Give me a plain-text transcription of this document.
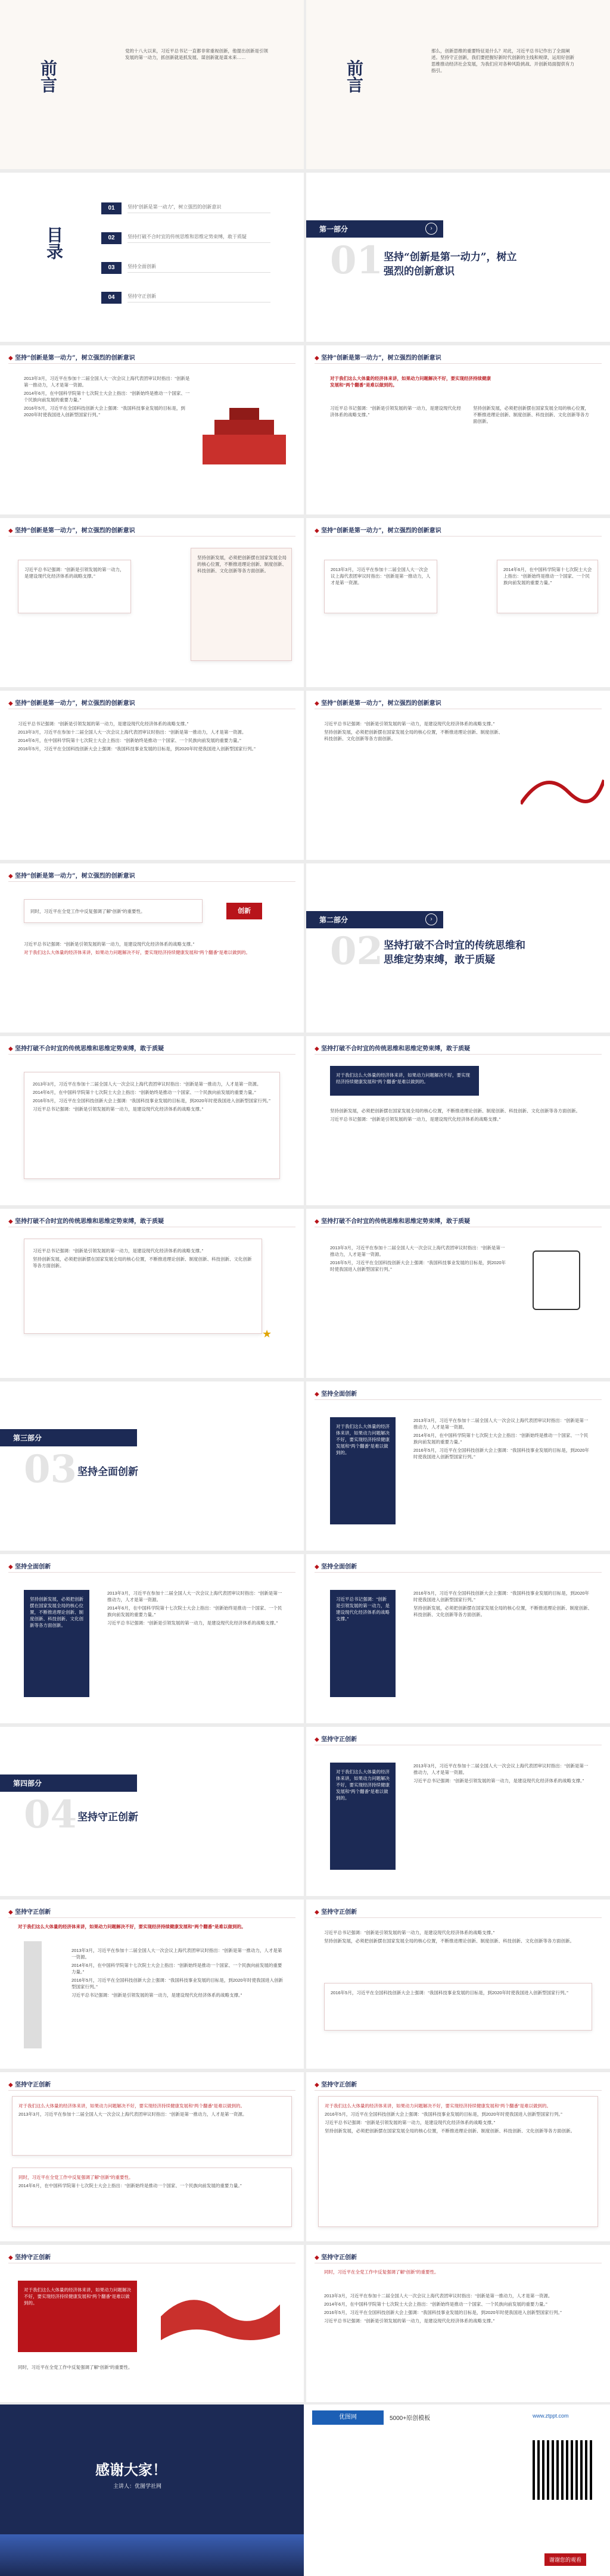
前言
党的十八大以来，习近平总书记一直都非常重视创新，他提出创新是引领发展的第一动力，抓创新就是抓发展、谋创新就是谋未来……
前言
那么，创新思维的重要特征是什么？对此，习近平总书记作出了全面阐述。坚持守正创新，我们要把握好新时代创新的主线和规律，运用好创新思维推动经济社会发展，为我们应对各种风险挑战、开创新局面提供有力指引。
目录
01	坚持“创新是第一动力”，树立强烈的创新意识
02	坚持打破不合时宜的传统思维和思维定势束缚，敢于质疑
03	坚持全面创新
04	坚持守正创新
第一部分	›
01 坚持“创新是第一动力”，树立强烈的创新意识
◆ 坚持“创新是第一动力”，树立强烈的创新意识

2013年3月，习近平在参加十二届全国人大一次会议上海代表团审议时指出：“创新是第一推动力，人才是第一资源。

2014年6月，在中国科学院第十七次院士大会上指出：“创新始终是推动一个国家、一个民族向前发展的重要力量。”

2016年5月，习近平在全国科技创新大会上强调：“我国科技事业发展的目标是，到2020年时使我国进入创新型国家行列。”

◆ 坚持“创新是第一动力”，树立强烈的创新意识
对于我们这么大体量的经济体来讲，如果动力问题解决不好，要实现经济持续健康发展和“两个翻番”是难以做到的。
习近平总书记强调：“创新是引领发展的第一动力，是建设现代化经济体系的战略支撑。”
坚持创新发展，必须把创新摆在国家发展全局的核心位置，不断推进理论创新、制度创新、科技创新、文化创新等各方面创新。
◆ 坚持“创新是第一动力”，树立强烈的创新意识
习近平总书记强调：“创新是引领发展的第一动力，是建设现代化经济体系的战略支撑。”
坚持创新发展，必须把创新摆在国家发展全局的核心位置，不断推进理论创新、制度创新、科技创新、文化创新等各方面创新。
◆ 坚持“创新是第一动力”，树立强烈的创新意识
2013年3月，习近平在参加十二届全国人大一次会议上海代表团审议时指出：“创新是第一推动力，人才是第一资源。
2014年6月，在中国科学院第十七次院士大会上指出：“创新始终是推动一个国家、一个民族向前发展的重要力量。”
◆ 坚持“创新是第一动力”，树立强烈的创新意识

习近平总书记强调：“创新是引领发展的第一动力，是建设现代化经济体系的战略支撑。”

2013年3月，习近平在参加十二届全国人大一次会议上海代表团审议时指出：“创新是第一推动力，人才是第一资源。

2014年6月，在中国科学院第十七次院士大会上指出：“创新始终是推动一个国家、一个民族向前发展的重要力量。”

2016年5月，习近平在全国科技创新大会上强调：“我国科技事业发展的目标是，到2020年时使我国进入创新型国家行列。”

◆ 坚持“创新是第一动力”，树立强烈的创新意识

习近平总书记强调：“创新是引领发展的第一动力，是建设现代化经济体系的战略支撑。”

坚持创新发展，必须把创新摆在国家发展全局的核心位置，不断推进理论创新、制度创新、科技创新、文化创新等各方面创新。

◆ 坚持“创新是第一动力”，树立强烈的创新意识
同时，习近平在全党工作中反复强调了解“创新”的重要性。	创新

习近平总书记强调：“创新是引领发展的第一动力，是建设现代化经济体系的战略支撑。”

对于我们这么大体量的经济体来讲，如果动力问题解决不好，要实现经济持续健康发展和“两个翻番”是难以做到的。

第二部分	›
02 坚持打破不合时宜的传统思维和思维定势束缚，敢于质疑
◆ 坚持打破不合时宜的传统思维和思维定势束缚，敢于质疑

2013年3月，习近平在参加十二届全国人大一次会议上海代表团审议时指出：“创新是第一推动力，人才是第一资源。

2014年6月，在中国科学院第十七次院士大会上指出：“创新始终是推动一个国家、一个民族向前发展的重要力量。”

2016年5月，习近平在全国科技创新大会上强调：“我国科技事业发展的目标是，到2020年时使我国进入创新型国家行列。”

习近平总书记强调：“创新是引领发展的第一动力，是建设现代化经济体系的战略支撑。”

◆ 坚持打破不合时宜的传统思维和思维定势束缚，敢于质疑
对于我们这么大体量的经济体来讲，如果动力问题解决不好，要实现经济持续健康发展和“两个翻番”是难以做到的。

坚持创新发展，必须把创新摆在国家发展全局的核心位置，不断推进理论创新、制度创新、科技创新、文化创新等各方面创新。

习近平总书记强调：“创新是引领发展的第一动力，是建设现代化经济体系的战略支撑。”

◆ 坚持打破不合时宜的传统思维和思维定势束缚，敢于质疑

习近平总书记强调：“创新是引领发展的第一动力，是建设现代化经济体系的战略支撑。”

坚持创新发展，必须把创新摆在国家发展全局的核心位置，不断推进理论创新、制度创新、科技创新、文化创新等各方面创新。

★
◆ 坚持打破不合时宜的传统思维和思维定势束缚，敢于质疑

2013年3月，习近平在参加十二届全国人大一次会议上海代表团审议时指出：“创新是第一推动力，人才是第一资源。

2016年5月，习近平在全国科技创新大会上强调：“我国科技事业发展的目标是，到2020年时使我国进入创新型国家行列。”

第三部分
03 坚持全面创新
◆ 坚持全面创新
对于我们这么大体量的经济体来讲，如果动力问题解决不好，要实现经济持续健康发展和“两个翻番”是难以做到的。

2013年3月，习近平在参加十二届全国人大一次会议上海代表团审议时指出：“创新是第一推动力，人才是第一资源。

2014年6月，在中国科学院第十七次院士大会上指出：“创新始终是推动一个国家、一个民族向前发展的重要力量。”

2016年5月，习近平在全国科技创新大会上强调：“我国科技事业发展的目标是，到2020年时使我国进入创新型国家行列。”

◆ 坚持全面创新
坚持创新发展，必须把创新摆在国家发展全局的核心位置，不断推进理论创新、制度创新、科技创新、文化创新等各方面创新。

2013年3月，习近平在参加十二届全国人大一次会议上海代表团审议时指出：“创新是第一推动力，人才是第一资源。

2014年6月，在中国科学院第十七次院士大会上指出：“创新始终是推动一个国家、一个民族向前发展的重要力量。”

习近平总书记强调：“创新是引领发展的第一动力，是建设现代化经济体系的战略支撑。”

◆ 坚持全面创新
习近平总书记强调：“创新是引领发展的第一动力，是建设现代化经济体系的战略支撑。”

2016年5月，习近平在全国科技创新大会上强调：“我国科技事业发展的目标是，到2020年时使我国进入创新型国家行列。”

坚持创新发展，必须把创新摆在国家发展全局的核心位置，不断推进理论创新、制度创新、科技创新、文化创新等各方面创新。

第四部分
04 坚持守正创新
◆ 坚持守正创新
对于我们这么大体量的经济体来讲，如果动力问题解决不好，要实现经济持续健康发展和“两个翻番”是难以做到的。

2013年3月，习近平在参加十二届全国人大一次会议上海代表团审议时指出：“创新是第一推动力，人才是第一资源。

习近平总书记强调：“创新是引领发展的第一动力，是建设现代化经济体系的战略支撑。”

◆ 坚持守正创新
对于我们这么大体量的经济体来讲，如果动力问题解决不好，要实现经济持续健康发展和“两个翻番”是难以做到的。

2013年3月，习近平在参加十二届全国人大一次会议上海代表团审议时指出：“创新是第一推动力，人才是第一资源。

2014年6月，在中国科学院第十七次院士大会上指出：“创新始终是推动一个国家、一个民族向前发展的重要力量。”

2016年5月，习近平在全国科技创新大会上强调：“我国科技事业发展的目标是，到2020年时使我国进入创新型国家行列。”

习近平总书记强调：“创新是引领发展的第一动力，是建设现代化经济体系的战略支撑。”

◆ 坚持守正创新

习近平总书记强调：“创新是引领发展的第一动力，是建设现代化经济体系的战略支撑。”

坚持创新发展，必须把创新摆在国家发展全局的核心位置，不断推进理论创新、制度创新、科技创新、文化创新等各方面创新。

2016年5月，习近平在全国科技创新大会上强调：“我国科技事业发展的目标是，到2020年时使我国进入创新型国家行列。”
◆ 坚持守正创新

对于我们这么大体量的经济体来讲，如果动力问题解决不好，要实现经济持续健康发展和“两个翻番”是难以做到的。

2013年3月，习近平在参加十二届全国人大一次会议上海代表团审议时指出：“创新是第一推动力，人才是第一资源。

同时，习近平在全党工作中反复强调了解“创新”的重要性。

2014年6月，在中国科学院第十七次院士大会上指出：“创新始终是推动一个国家、一个民族向前发展的重要力量。”

◆ 坚持守正创新

对于我们这么大体量的经济体来讲，如果动力问题解决不好，要实现经济持续健康发展和“两个翻番”是难以做到的。

2016年5月，习近平在全国科技创新大会上强调：“我国科技事业发展的目标是，到2020年时使我国进入创新型国家行列。”

习近平总书记强调：“创新是引领发展的第一动力，是建设现代化经济体系的战略支撑。”

坚持创新发展，必须把创新摆在国家发展全局的核心位置，不断推进理论创新、制度创新、科技创新、文化创新等各方面创新。

◆ 坚持守正创新
对于我们这么大体量的经济体来讲，如果动力问题解决不好，要实现经济持续健康发展和“两个翻番”是难以做到的。
同时，习近平在全党工作中反复强调了解“创新”的重要性。
◆ 坚持守正创新
同时，习近平在全党工作中反复强调了解“创新”的重要性。

2013年3月，习近平在参加十二届全国人大一次会议上海代表团审议时指出：“创新是第一推动力，人才是第一资源。

2014年6月，在中国科学院第十七次院士大会上指出：“创新始终是推动一个国家、一个民族向前发展的重要力量。”

2016年5月，习近平在全国科技创新大会上强调：“我国科技事业发展的目标是，到2020年时使我国进入创新型国家行列。”

习近平总书记强调：“创新是引领发展的第一动力，是建设现代化经济体系的战略支撑。”

感谢大家！
主讲人：优图学社网
优图网	5000+原创模板	www.ztppt.com
谢谢您的观看
